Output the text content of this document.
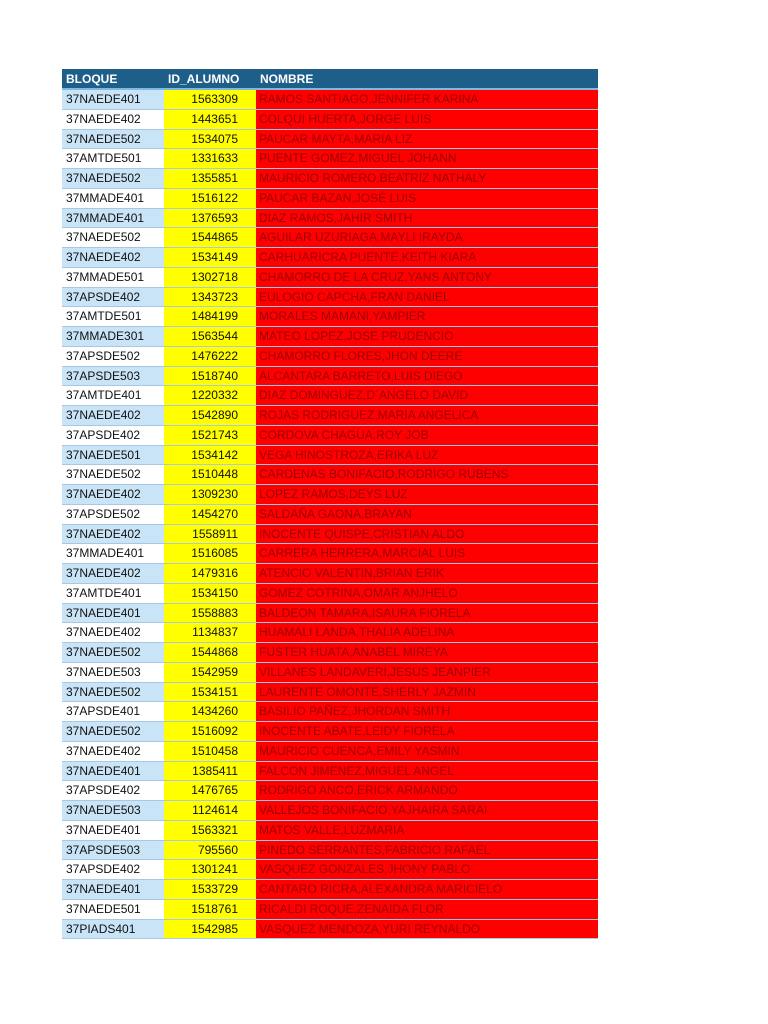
BLOQUE	ID_ALUMNO	NOMBRE
37NAEDE401	1563309	RAMOS SANTIAGO,JENNIFER KARINA
37NAEDE402	1443651	COLQUI HUERTA,JORGE LUIS
37NAEDE502	1534075	PAUCAR MAYTA,MARIA LIZ
37AMTDE501	1331633	PUENTE GOMEZ,MIGUEL JOHANN
37NAEDE502	1355851	MAURICIO ROMERO,BEATRIZ NATHALY
37MMADE401	1516122	PAUCAR BAZAN,JOSÉ LUIS
37MMADE401	1376593	DIAZ RAMOS,JAHIR SMITH
37NAEDE502	1544865	AGUILAR UZURIAGA,MAYLI IRAYDA
37NAEDE402	1534149	CARHUARICRA PUENTE,KEITH KIARA
37MMADE501	1302718	CHAMORRO DE LA CRUZ,YANS ANTONY
37APSDE402	1343723	EULOGIO CAPCHA,FRAN DANIEL
37AMTDE501	1484199	MORALES MAMANI,YAMPIER
37MMADE301	1563544	MATEO LOPEZ,JOSE PRUDENCIO
37APSDE502	1476222	CHAMORRO FLORES,JHON DEERE
37APSDE503	1518740	ALCANTARA BARRETO,LUIS DIEGO
37AMTDE401	1220332	DIAZ DOMINGUEZ,D´ANGELO DAVID
37NAEDE402	1542890	ROJAS RODRIGUEZ,MARIA ANGELICA
37APSDE402	1521743	CORDOVA CHAGUA,ROY JOB
37NAEDE501	1534142	VEGA HINOSTROZA,ERIKA LUZ
37NAEDE502	1510448	CARDENAS BONIFACIO,RODRIGO RUBENS
37NAEDE402	1309230	LOPEZ RAMOS,DEYS LUZ
37APSDE502	1454270	SALDAÑA GAONA,BRAYAN
37NAEDE402	1558911	INOCENTE QUISPE,CRISTIAN ALDO
37MMADE401	1516085	CARRERA HERRERA,MARCIAL LUIS
37NAEDE402	1479316	ATENCIO VALENTIN,BRIAN ERIK
37AMTDE401	1534150	GOMEZ COTRINA,OMAR ANJHELO
37NAEDE401	1558883	BALDEON TAMARA,ISAURA FIORELA
37NAEDE402	1134837	HUAMALI LANDA,THALIA ADELINA
37NAEDE502	1544868	FUSTER HUATA,ANABEL MIREYA
37NAEDE503	1542959	VILLANES LANDAVERI,JESUS JEANPIER
37NAEDE502	1534151	LAURENTE OMONTE,SHERLY JAZMIN
37APSDE401	1434260	BASILIO PAÑEZ,JHORDAN SMITH
37NAEDE502	1516092	INOCENTE ABATE,LEIDY FIORELA
37NAEDE402	1510458	MAURICIO CUENCA,EMILY YASMIN
37NAEDE401	1385411	FALCON JIMENEZ,MIGUEL ANGEL
37APSDE402	1476765	RODRIGO ANCO,ERICK ARMANDO
37NAEDE503	1124614	VALLEJOS BONIFACIO,YAJHAIRA SARAI
37NAEDE401	1563321	MATOS VALLE,LUZMARIA
37APSDE503	795560	PINEDO SERRANTES,FABRICIO RAFAEL
37APSDE402	1301241	VASQUEZ GONZALES,JHONY PABLO
37NAEDE401	1533729	CANTARO RICRA,ALEXANDRA MARICIELO
37NAEDE501	1518761	RICALDI ROQUE,ZENAIDA FLOR
37PIADS401	1542985	VASQUEZ MENDOZA,YURI REYNALDO
